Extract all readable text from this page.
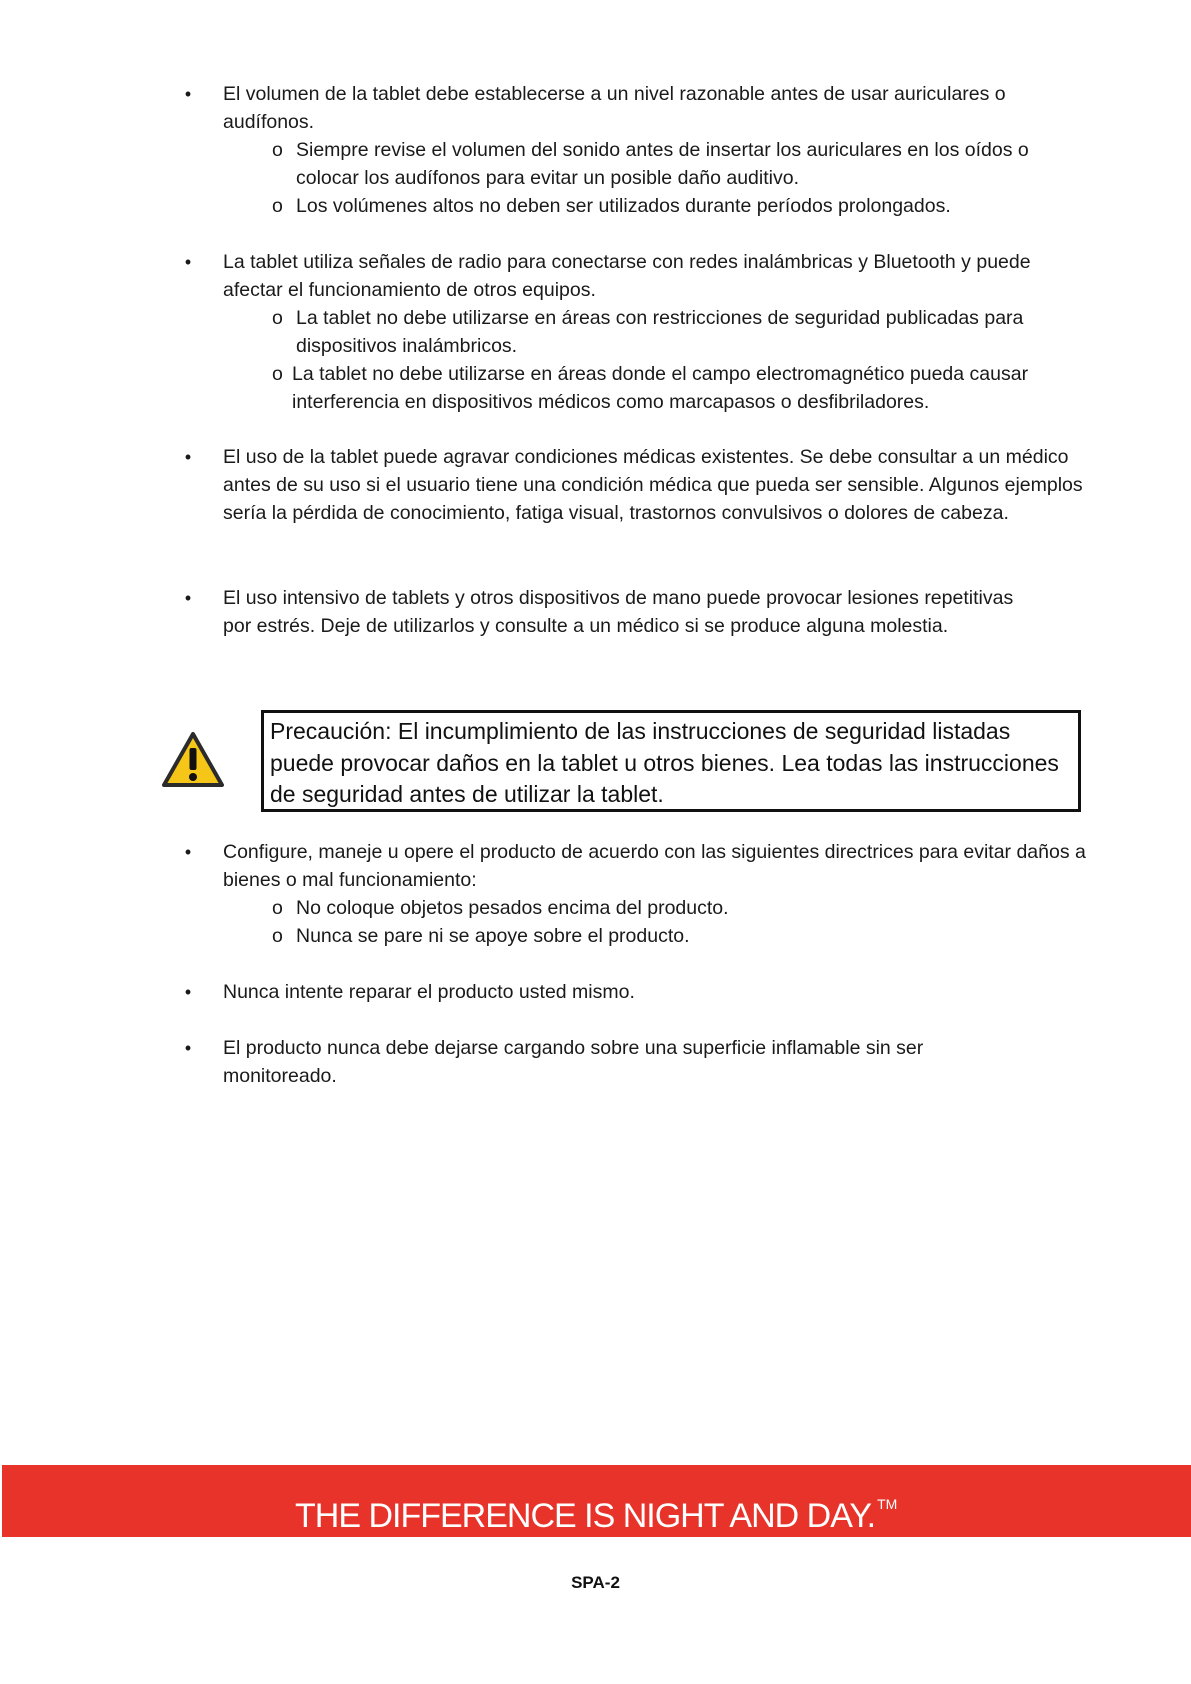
• El volumen de la tablet debe establecerse a un nivel razonable antes de usar auriculares o audífonos.

o Siempre revise el volumen del sonido antes de insertar los auriculares en los oídos o colocar los audífonos para evitar un posible daño auditivo.
o Los volúmenes altos no deben ser utilizados durante períodos prolongados.
• La tablet utiliza señales de radio para conectarse con redes inalámbricas y Bluetooth y puede afectar el funcionamiento de otros equipos.

o La tablet no debe utilizarse en áreas con restricciones de seguridad publicadas para dispositivos inalámbricos.
o La tablet no debe utilizarse en áreas donde el campo electromagnético pueda causar interferencia en dispositivos médicos como marcapasos o desfibriladores.
• El uso de la tablet puede agravar condiciones médicas existentes. Se debe consultar a un médico antes de su uso si el usuario tiene una condición médica que pueda ser sensible. Algunos ejemplos sería la pérdida de conocimiento, fatiga visual, trastornos convulsivos o dolores de cabeza.

• El uso intensivo de tablets y otros dispositivos de mano puede provocar lesiones repetitivas por estrés. Deje de utilizarlos y consulte a un médico si se produce alguna molestia.

Precaución: El incumplimiento de las instrucciones de seguridad listadas puede provocar daños en la tablet u otros bienes. Lea todas las instrucciones de seguridad antes de utilizar la tablet.
• Configure, maneje u opere el producto de acuerdo con las siguientes directrices para evitar daños a bienes o mal funcionamiento:

o No coloque objetos pesados encima del producto.
o Nunca se pare ni se apoye sobre el producto.
• Nunca intente reparar el producto usted mismo.

• El producto nunca debe dejarse cargando sobre una superficie inflamable sin ser monitoreado.

THE DIFFERENCE IS NIGHT AND DAY. ™
SPA-2
